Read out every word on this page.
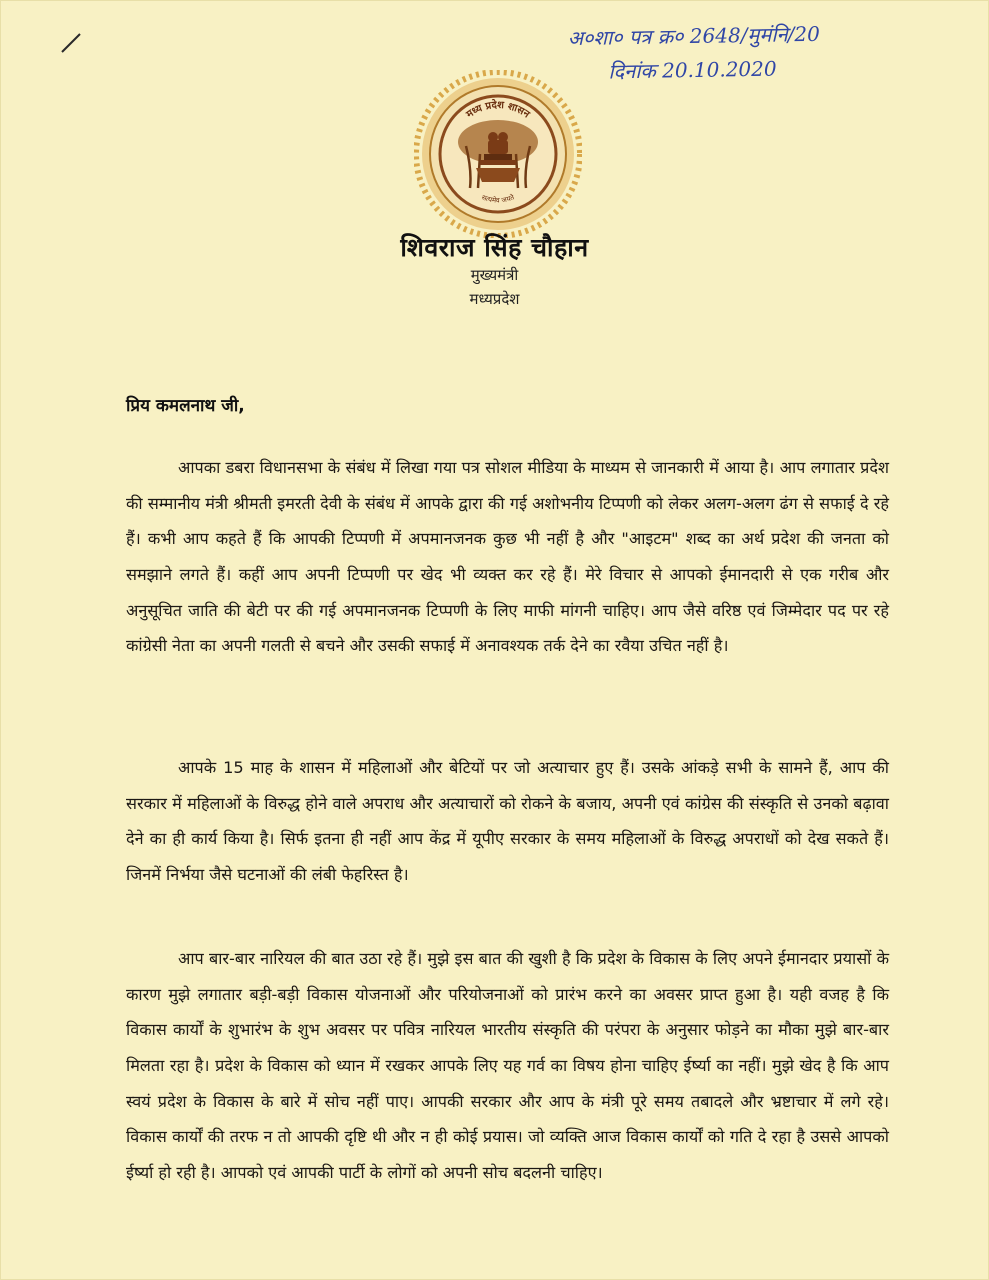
अ०शा० पत्र क्र० 2648/मुमंनि/20
दिनांक 20.10.2020
मध्य प्रदेश शासन
सत्यमेव जयते
शिवराज सिंह चौहान
मुख्यमंत्री
मध्यप्रदेश
प्रिय कमलनाथ जी,

आपका डबरा विधानसभा के संबंध में लिखा गया पत्र सोशल मीडिया के माध्यम से जानकारी में आया है। आप लगातार प्रदेश की सम्मानीय मंत्री श्रीमती इमरती देवी के संबंध में आपके द्वारा की गई अशोभनीय टिप्पणी को लेकर अलग-अलग ढंग से सफाई दे रहे हैं। कभी आप कहते हैं कि आपकी टिप्पणी में अपमानजनक कुछ भी नहीं है और "आइटम" शब्द का अर्थ प्रदेश की जनता को समझाने लगते हैं। कहीं आप अपनी टिप्पणी पर खेद भी व्यक्त कर रहे हैं। मेरे विचार से आपको ईमानदारी से एक गरीब और अनुसूचित जाति की बेटी पर की गई अपमानजनक टिप्पणी के लिए माफी मांगनी चाहिए। आप जैसे वरिष्ठ एवं जिम्मेदार पद पर रहे कांग्रेसी नेता का अपनी गलती से बचने और उसकी सफाई में अनावश्यक तर्क देने का रवैया उचित नहीं है।

आपके 15 माह के शासन में महिलाओं और बेटियों पर जो अत्याचार हुए हैं। उसके आंकड़े सभी के सामने हैं, आप की सरकार में महिलाओं के विरुद्ध होने वाले अपराध और अत्याचारों को रोकने के बजाय, अपनी एवं कांग्रेस की संस्कृति से उनको बढ़ावा देने का ही कार्य किया है। सिर्फ इतना ही नहीं आप केंद्र में यूपीए सरकार के समय महिलाओं के विरुद्ध अपराधों को देख सकते हैं। जिनमें निर्भया जैसे घटनाओं की लंबी फेहरिस्त है।

आप बार-बार नारियल की बात उठा रहे हैं। मुझे इस बात की खुशी है कि प्रदेश के विकास के लिए अपने ईमानदार प्रयासों के कारण मुझे लगातार बड़ी-बड़ी विकास योजनाओं और परियोजनाओं को प्रारंभ करने का अवसर प्राप्त हुआ है। यही वजह है कि विकास कार्यों के शुभारंभ के शुभ अवसर पर पवित्र नारियल भारतीय संस्कृति की परंपरा के अनुसार फोड़ने का मौका मुझे बार-बार मिलता रहा है। प्रदेश के विकास को ध्यान में रखकर आपके लिए यह गर्व का विषय होना चाहिए ईर्ष्या का नहीं। मुझे खेद है कि आप स्वयं प्रदेश के विकास के बारे में सोच नहीं पाए। आपकी सरकार और आप के मंत्री पूरे समय तबादले और भ्रष्टाचार में लगे रहे। विकास कार्यों की तरफ न तो आपकी दृष्टि थी और न ही कोई प्रयास। जो व्यक्ति आज विकास कार्यों को गति दे रहा है उससे आपको ईर्ष्या हो रही है। आपको एवं आपकी पार्टी के लोगों को अपनी सोच बदलनी चाहिए।
